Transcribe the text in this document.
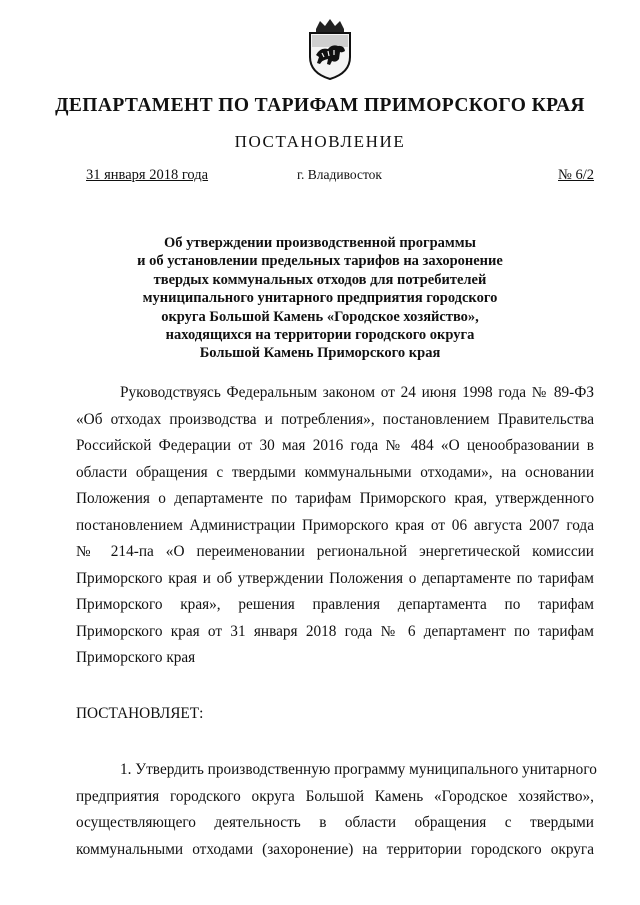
ДЕПАРТАМЕНТ ПО ТАРИФАМ ПРИМОРСКОГО КРАЯ
ПОСТАНОВЛЕНИЕ
31 января 2018 года	г. Владивосток	№ 6/2
Об утверждении производственной программы
и об установлении предельных тарифов на захоронение
твердых коммунальных отходов для потребителей
муниципального унитарного предприятия городского
округа Большой Камень «Городское хозяйство»,
находящихся на территории городского округа
Большой Камень Приморского края
Руководствуясь Федеральным законом от 24 июня 1998 года № 89-ФЗ
«Об отходах производства и потребления», постановлением Правительства
Российской Федерации от 30 мая 2016 года № 484 «О ценообразовании в
области обращения с твердыми коммунальными отходами», на основании
Положения о департаменте по тарифам Приморского края, утвержденного
постановлением Администрации Приморского края от 06 августа 2007 года
№ 214-па «О переименовании региональной энергетической комиссии
Приморского края и об утверждении Положения о департаменте по тарифам
Приморского края», решения правления департамента по тарифам
Приморского края от 31 января 2018 года № 6 департамент по тарифам
Приморского края
ПОСТАНОВЛЯЕТ:
1. Утвердить производственную программу муниципального унитарного
предприятия городского округа Большой Камень «Городское хозяйство»,
осуществляющего деятельность в области обращения с твердыми
коммунальными отходами (захоронение) на территории городского округа
